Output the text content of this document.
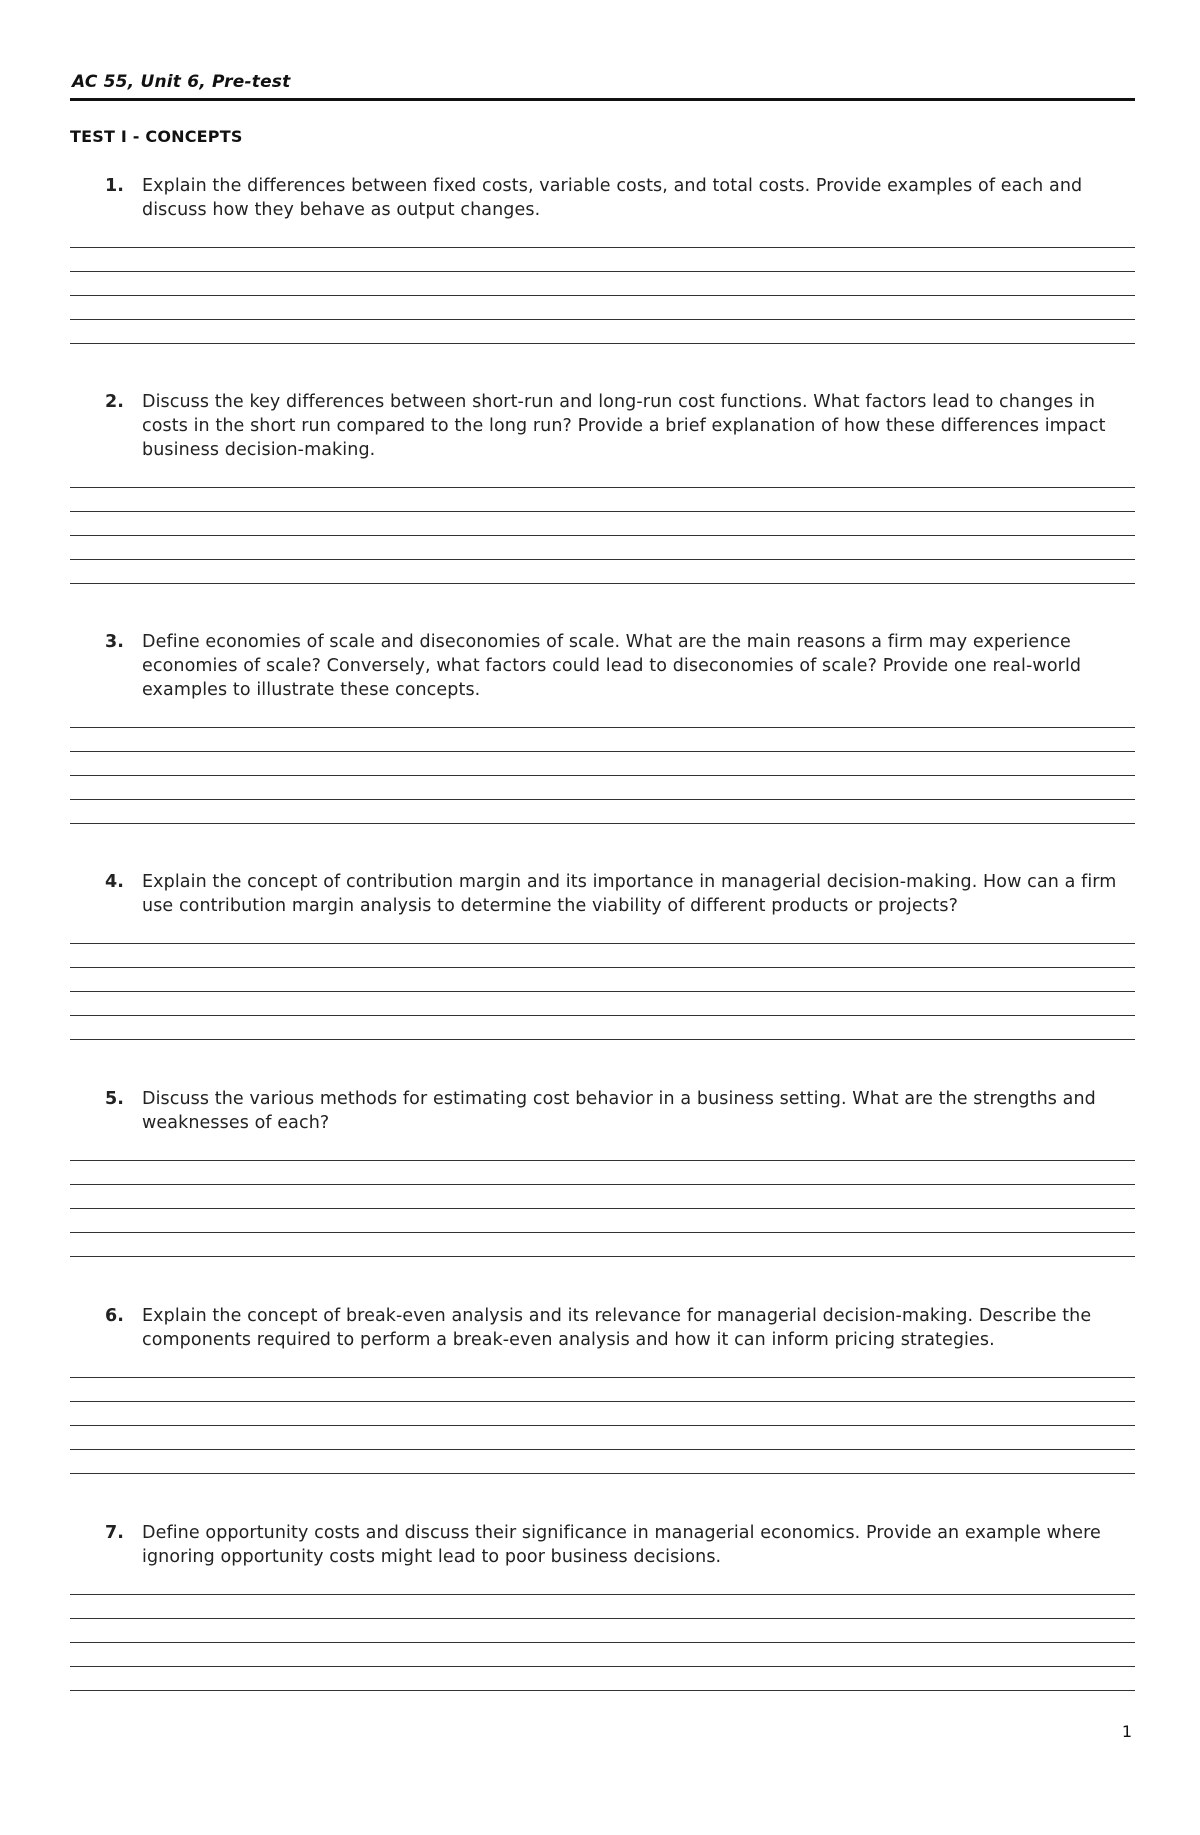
AC 55, Unit 6, Pre-test
TEST I - CONCEPTS
1. Explain the differences between fixed costs, variable costs, and total costs. Provide examples of each and discuss how they behave as output changes.
2. Discuss the key differences between short-run and long-run cost functions. What factors lead to changes in costs in the short run compared to the long run? Provide a brief explanation of how these differences impact business decision-making.
3. Define economies of scale and diseconomies of scale. What are the main reasons a firm may experience economies of scale? Conversely, what factors could lead to diseconomies of scale? Provide one real-world examples to illustrate these concepts.
4. Explain the concept of contribution margin and its importance in managerial decision-making. How can a firm use contribution margin analysis to determine the viability of different products or projects?
5. Discuss the various methods for estimating cost behavior in a business setting. What are the strengths and weaknesses of each?
6. Explain the concept of break-even analysis and its relevance for managerial decision-making. Describe the components required to perform a break-even analysis and how it can inform pricing strategies.
7. Define opportunity costs and discuss their significance in managerial economics. Provide an example where ignoring opportunity costs might lead to poor business decisions.
1
